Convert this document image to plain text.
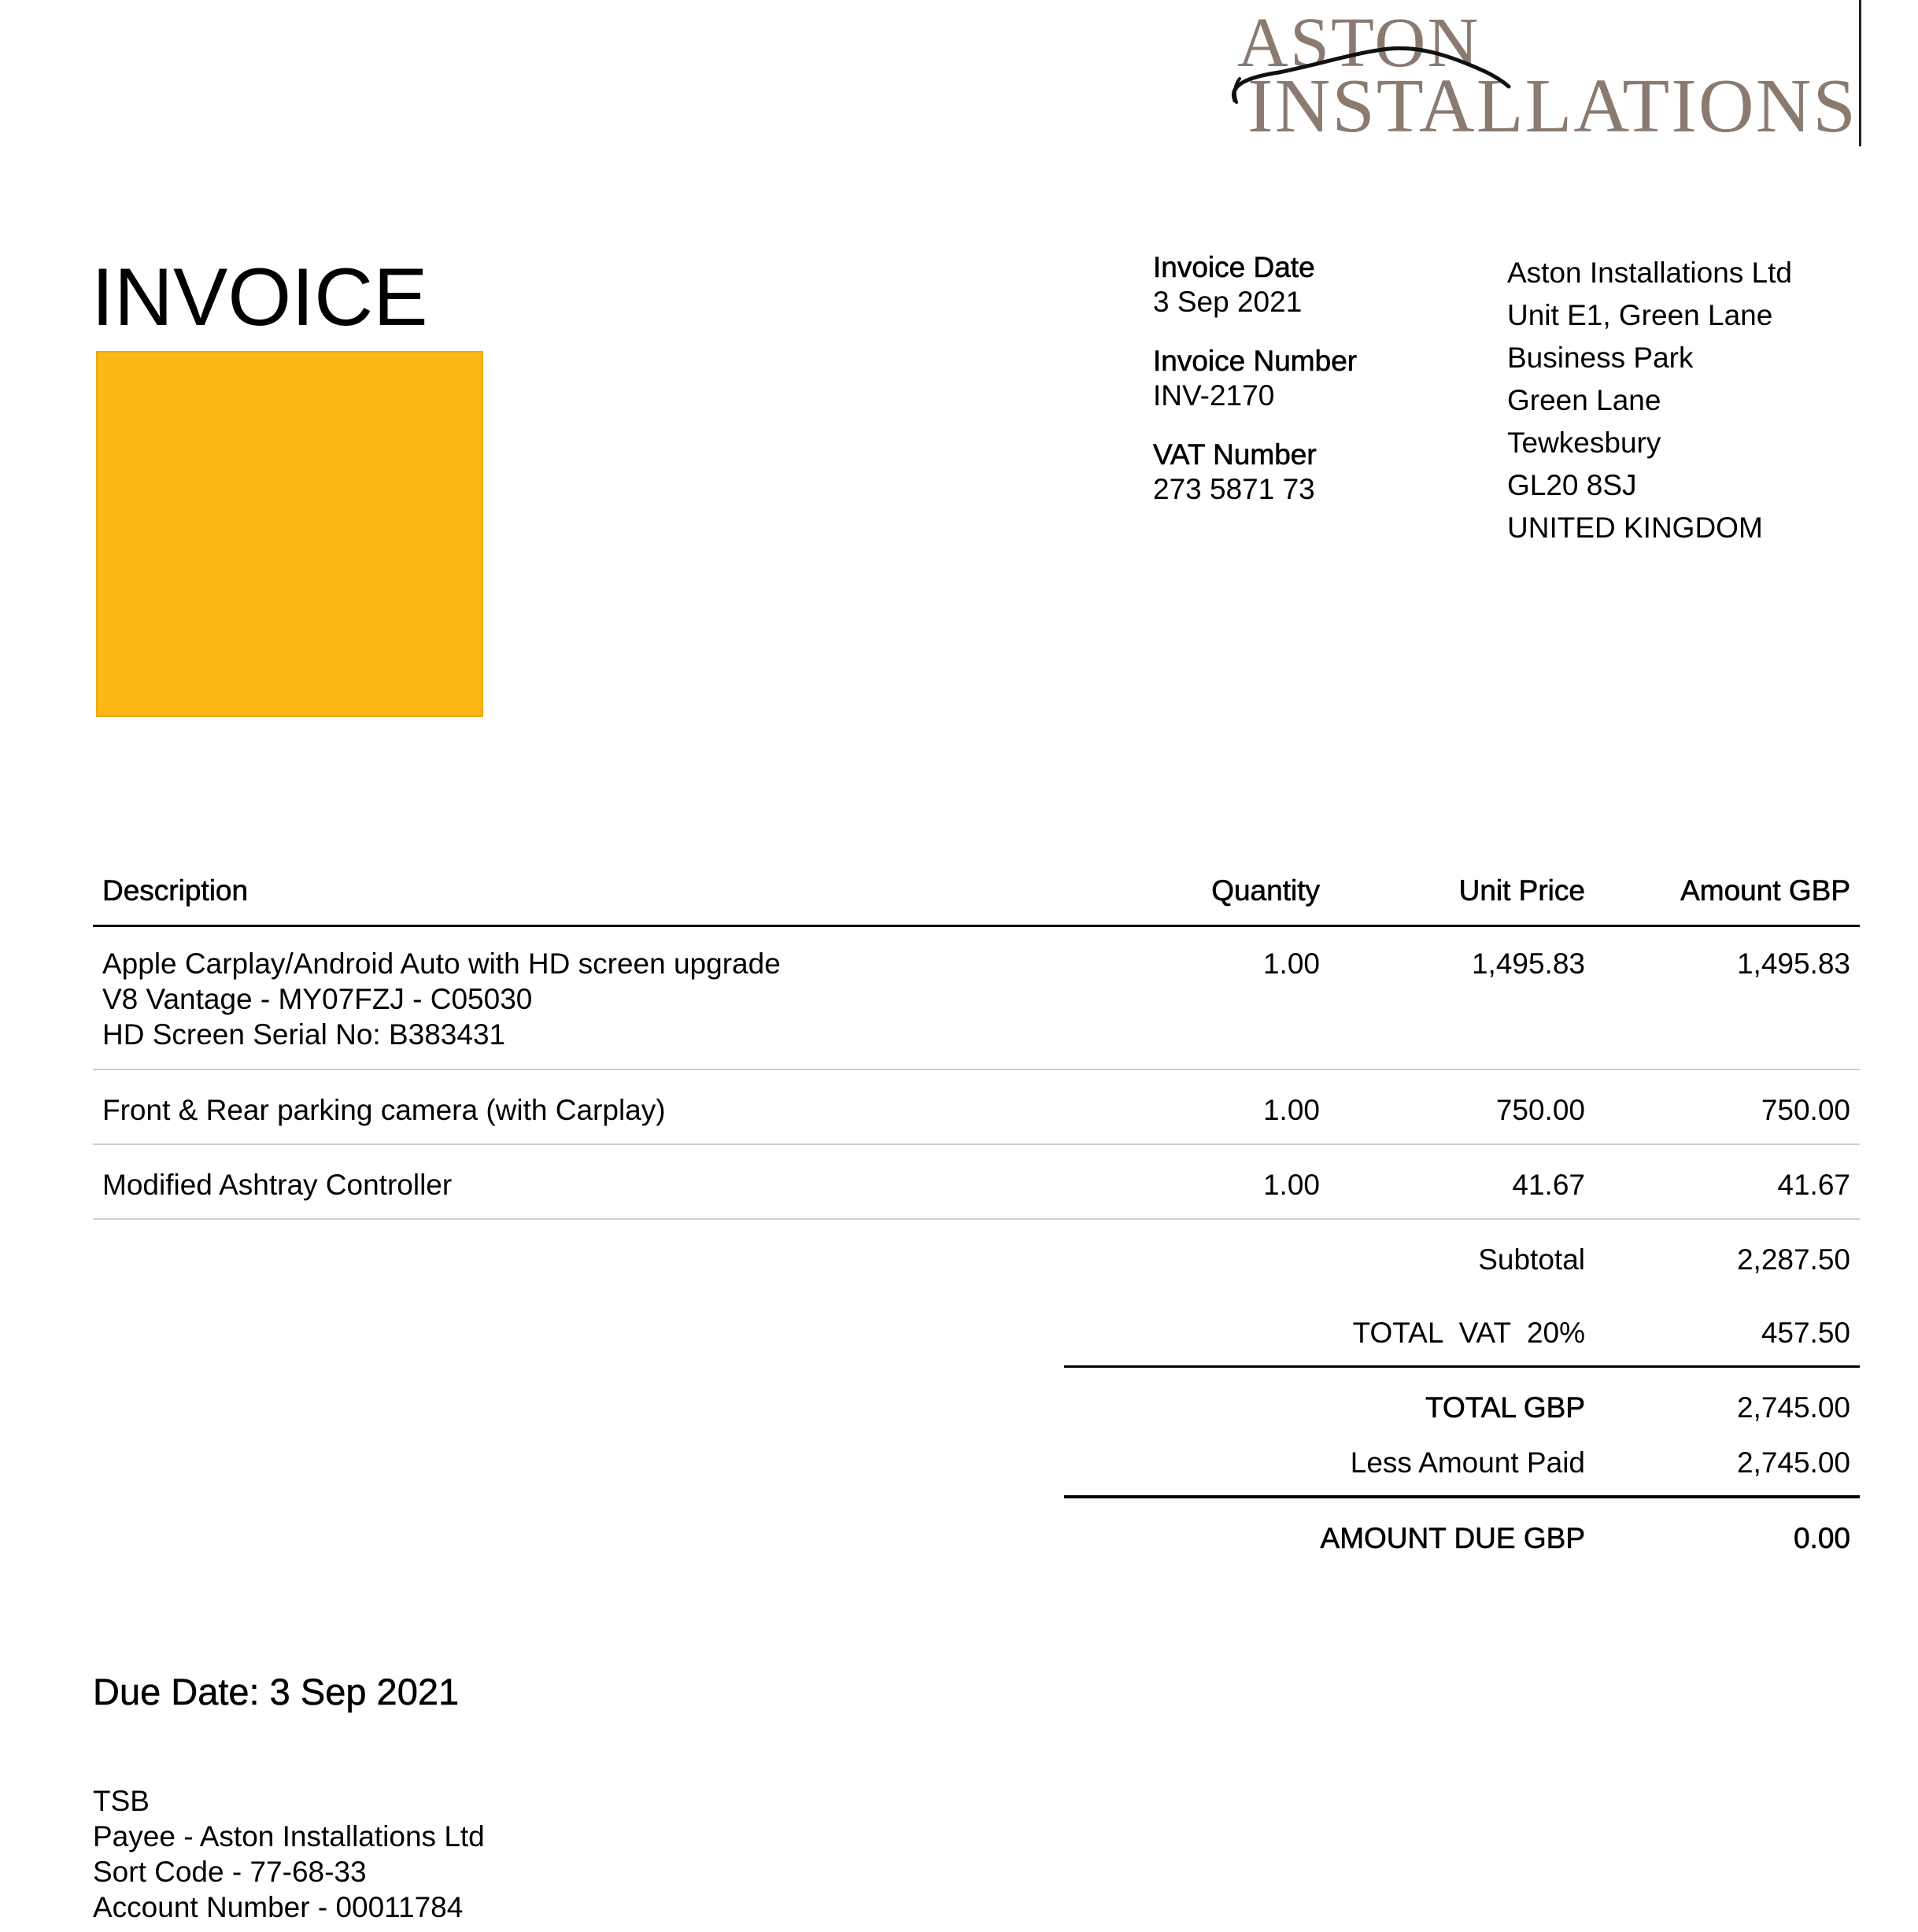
ASTON
INSTALLATIONS
INVOICE	Invoice Date
3 Sep 2021
Invoice Number
INV-2170
VAT Number
273 5871 73
Aston Installations Ltd
Unit E1, Green Lane
Business Park
Green Lane
Tewkesbury
GL20 8SJ
UNITED KINGDOM
Description	Quantity	Unit Price	Amount GBP
Apple Carplay/Android Auto with HD screen upgrade
V8 Vantage - MY07FZJ - C05030
HD Screen Serial No: B383431
1.00	1,495.83	1,495.83
Front & Rear parking camera (with Carplay)	1.00	750.00	750.00
Modified Ashtray Controller	1.00	41.67	41.67
Subtotal	2,287.50
TOTAL  VAT  20%	457.50
TOTAL GBP	2,745.00
Less Amount Paid	2,745.00
AMOUNT DUE GBP	0.00
Due Date: 3 Sep 2021
TSB
Payee - Aston Installations Ltd
Sort Code - 77-68-33
Account Number - 00011784
